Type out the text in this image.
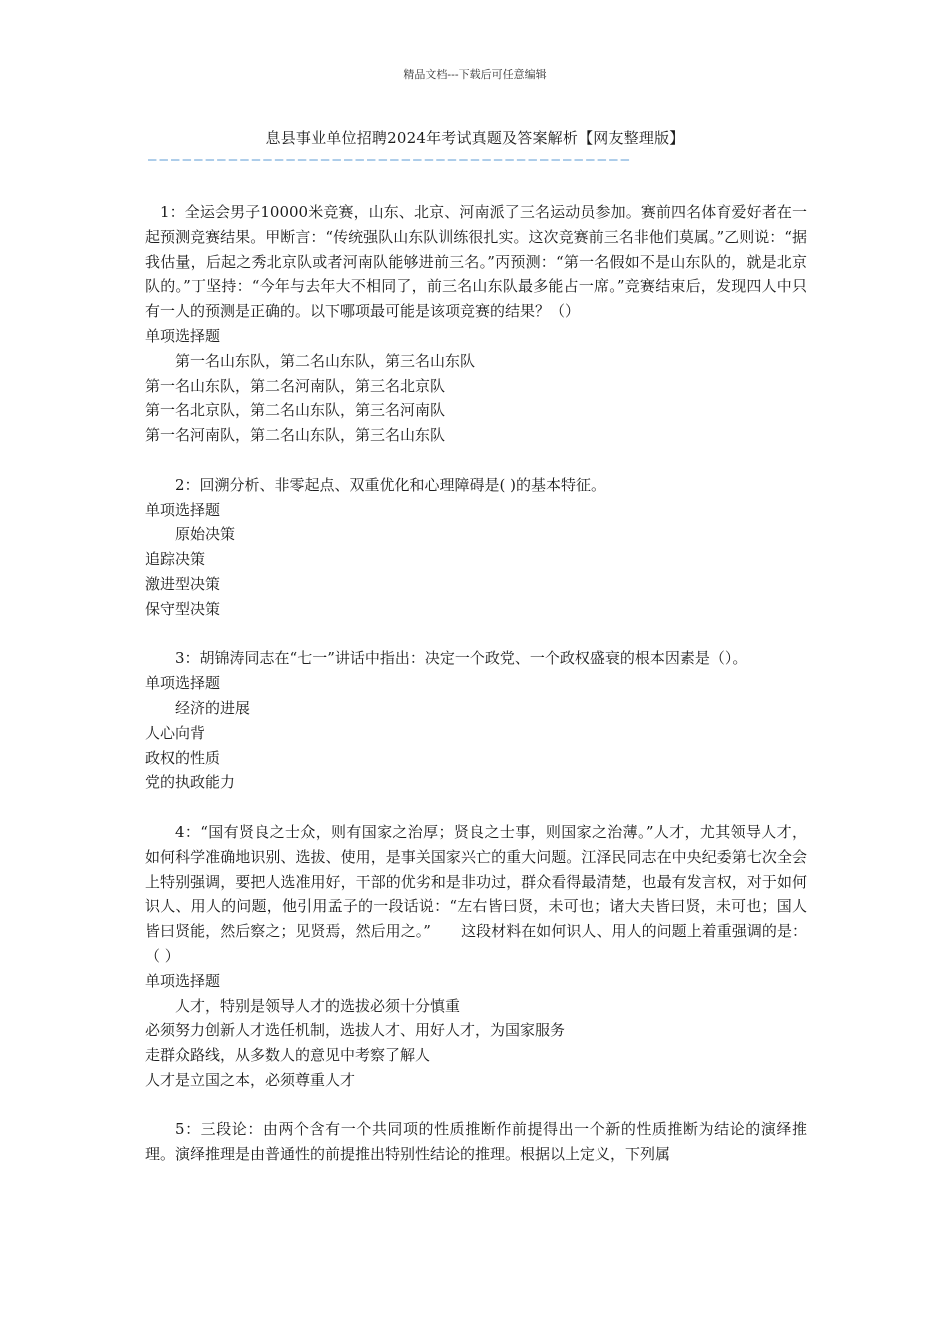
精品文档---下载后可任意编辑
息县事业单位招聘2024年考试真题及答案解析【网友整理版】
——————————————————————————————————————————
1：全运会男子10000米竞赛，山东、北京、河南派了三名运动员参加。赛前四名体育爱好者在一起预测竞赛结果。甲断言：“传统强队山东队训练很扎实。这次竞赛前三名非他们莫属。”乙则说：“据我估量，后起之秀北京队或者河南队能够进前三名。”丙预测：“第一名假如不是山东队的，就是北京队的。”丁坚持：“今年与去年大不相同了，前三名山东队最多能占一席。”竞赛结束后，发现四人中只有一人的预测是正确的。以下哪项最可能是该项竞赛的结果？（）
单项选择题
第一名山东队，第二名山东队，第三名山东队
第一名山东队，第二名河南队，第三名北京队
第一名北京队，第二名山东队，第三名河南队
第一名河南队，第二名山东队，第三名山东队
2：回溯分析、非零起点、双重优化和心理障碍是( )的基本特征。
单项选择题
原始决策
追踪决策
激进型决策
保守型决策
3：胡锦涛同志在“七一”讲话中指出：决定一个政党、一个政权盛衰的根本因素是（）。
单项选择题
经济的进展
人心向背
政权的性质
党的执政能力
4：“国有贤良之士众，则有国家之治厚；贤良之士事，则国家之治薄。”人才，尤其领导人才，如何科学准确地识别、选拔、使用，是事关国家兴亡的重大问题。江泽民同志在中央纪委第七次全会上特别强调，要把人选准用好，干部的优劣和是非功过，群众看得最清楚，也最有发言权，对于如何识人、用人的问题，他引用孟子的一段话说：“左右皆曰贤，未可也；诸大夫皆曰贤，未可也；国人皆曰贤能，然后察之；见贤焉，然后用之。”　　这段材料在如何识人、用人的问题上着重强调的是：（ ）
单项选择题
人才，特别是领导人才的选拔必须十分慎重
必须努力创新人才选任机制，选拔人才、用好人才，为国家服务
走群众路线，从多数人的意见中考察了解人
人才是立国之本，必须尊重人才
5：三段论：由两个含有一个共同项的性质推断作前提得出一个新的性质推断为结论的演绎推理。演绎推理是由普通性的前提推出特别性结论的推理。根据以上定义，下列属
